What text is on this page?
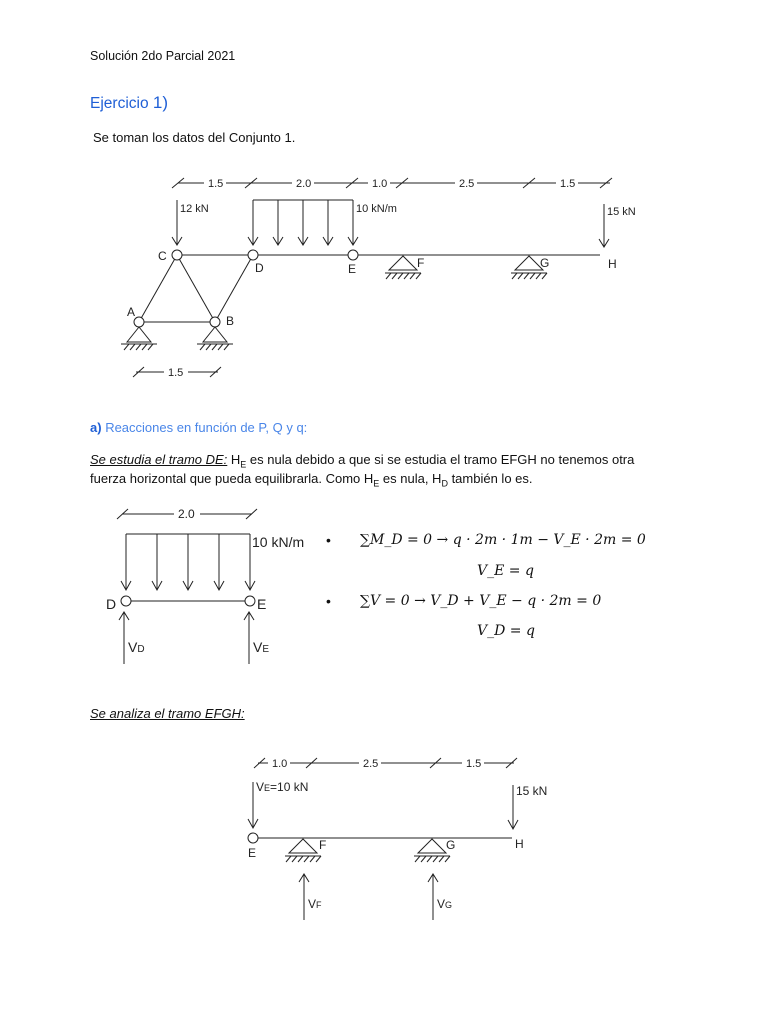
Solución 2do Parcial 2021
Ejercicio 1)
Se toman los datos del Conjunto 1.
1.5	2.0	1.0	2.5	1.5
12 kN	10 kN/m	15 kN
A
B
C
D	E	F	G	H
1.5
2.0
10 kN/m
D	E
VD	VE
1.0	2.5	1.5
VE=10 kN	15 kN
E
F	G	H
VF	VG
a) Reacciones en función de P, Q y q:
Se estudia el tramo DE: $H_E$ es nula debido a que si se estudia el tramo EFGH no tenemos otra
fuerza horizontal que pueda equilibrarla. Como $H_E$ es nula, $H_D$ también lo es.
• ∑M_D = 0 → q · 2m · 1m − V_E · 2m = 0
V_E = q
• ∑V = 0 → V_D + V_E − q · 2m = 0
V_D = q
Se analiza el tramo EFGH:
